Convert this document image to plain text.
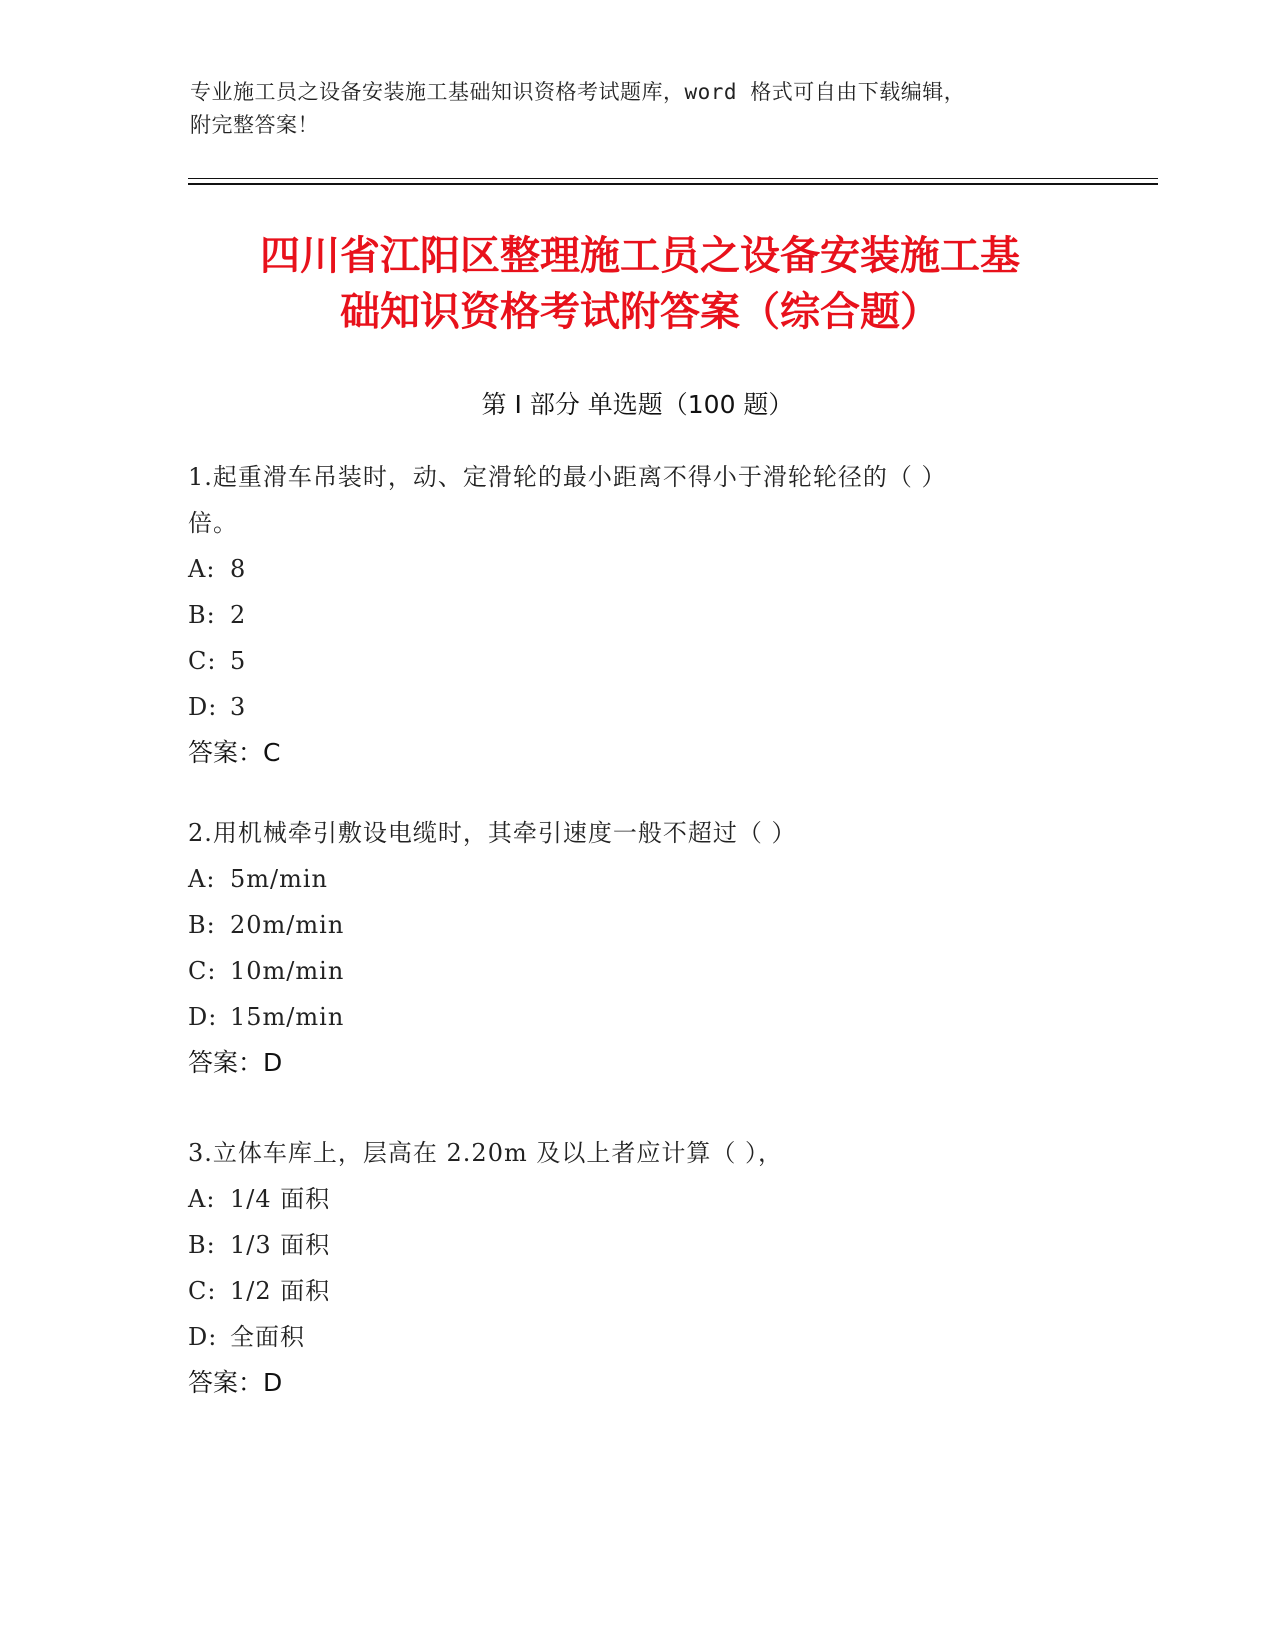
专业施工员之设备安装施工基础知识资格考试题库，word 格式可自由下载编辑，
附完整答案！
四川省江阳区整理施工员之设备安装施工基
础知识资格考试附答案（综合题）
第 I 部分 单选题（100 题）
1.起重滑车吊装时，动、定滑轮的最小距离不得小于滑轮轮径的（ ）
倍。
A: 8
B: 2
C: 5
D: 3
答案：C
2.用机械牵引敷设电缆时，其牵引速度一般不超过（ ）
A: 5m/min
B: 20m/min
C: 10m/min
D: 15m/min
答案：D
3.立体车库上，层高在 2.20m 及以上者应计算（ ），
A: 1/4 面积
B: 1/3 面积
C: 1/2 面积
D: 全面积
答案：D
